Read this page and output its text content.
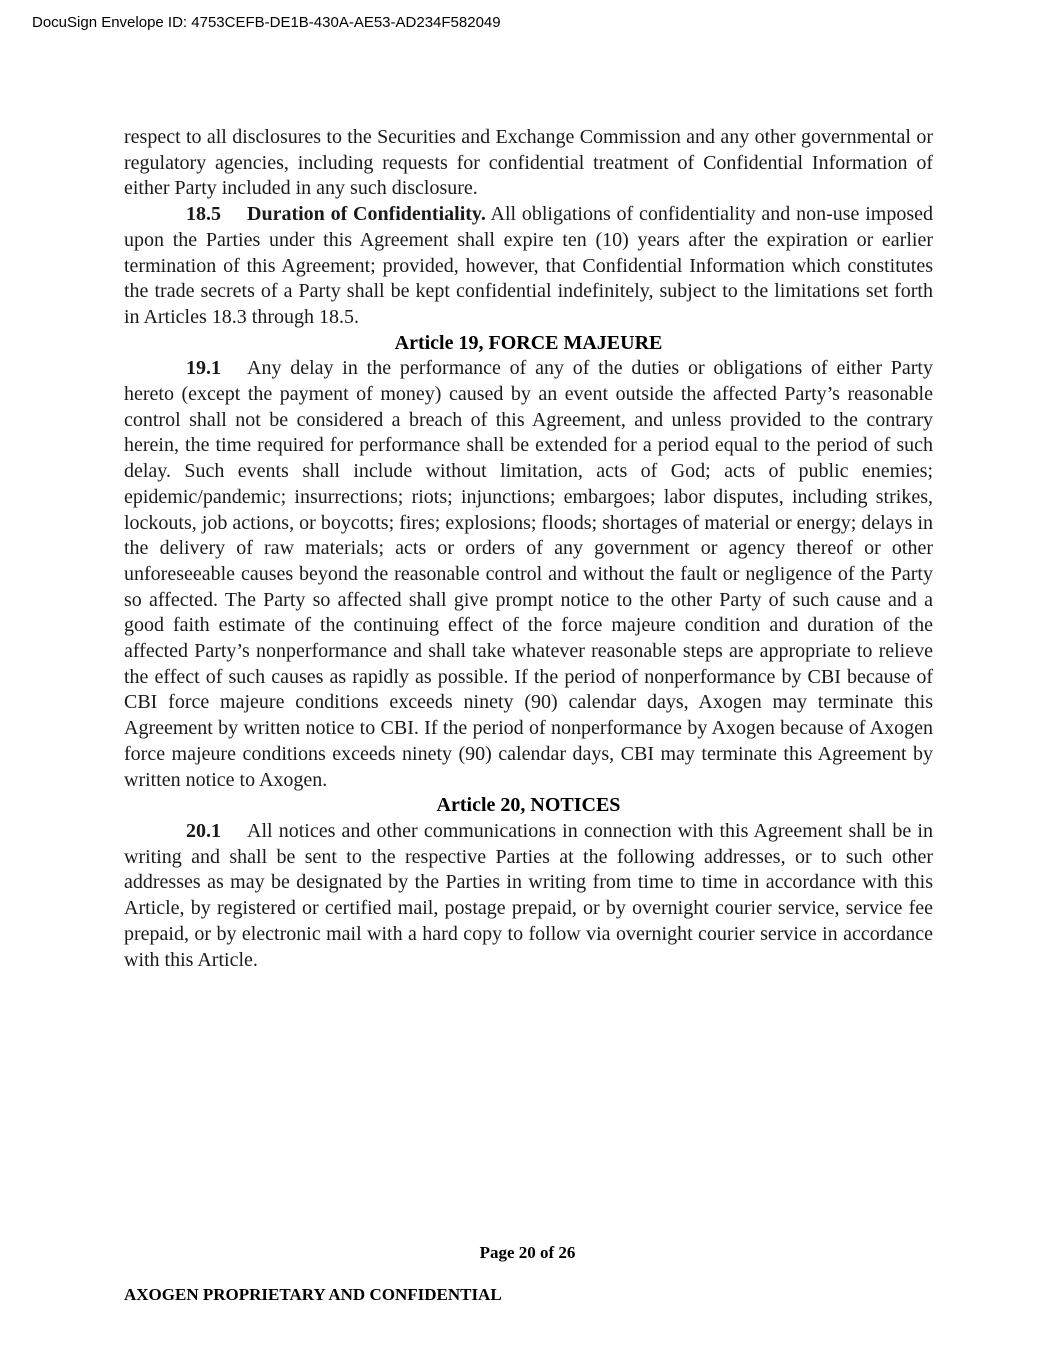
DocuSign Envelope ID: 4753CEFB-DE1B-430A-AE53-AD234F582049

respect to all disclosures to the Securities and Exchange Commission and any other governmental or regulatory agencies, including requests for confidential treatment of Confidential Information of either Party included in any such disclosure.

18.5 Duration of Confidentiality. All obligations of confidentiality and non-use imposed upon the Parties under this Agreement shall expire ten (10) years after the expiration or earlier termination of this Agreement; provided, however, that Confidential Information which constitutes the trade secrets of a Party shall be kept confidential indefinitely, subject to the limitations set forth in Articles 18.3 through 18.5.

Article 19, FORCE MAJEURE

19.1 Any delay in the performance of any of the duties or obligations of either Party hereto (except the payment of money) caused by an event outside the affected Party’s reasonable control shall not be considered a breach of this Agreement, and unless provided to the contrary herein, the time required for performance shall be extended for a period equal to the period of such delay. Such events shall include without limitation, acts of God; acts of public enemies; epidemic/pandemic; insurrections; riots; injunctions; embargoes; labor disputes, including strikes, lockouts, job actions, or boycotts; fires; explosions; floods; shortages of material or energy; delays in the delivery of raw materials; acts or orders of any government or agency thereof or other unforeseeable causes beyond the reasonable control and without the fault or negligence of the Party so affected. The Party so affected shall give prompt notice to the other Party of such cause and a good faith estimate of the continuing effect of the force majeure condition and duration of the affected Party’s nonperformance and shall take whatever reasonable steps are appropriate to relieve the effect of such causes as rapidly as possible. If the period of nonperformance by CBI because of CBI force majeure conditions exceeds ninety (90) calendar days, Axogen may terminate this Agreement by written notice to CBI. If the period of nonperformance by Axogen because of Axogen force majeure conditions exceeds ninety (90) calendar days, CBI may terminate this Agreement by written notice to Axogen.

Article 20, NOTICES

20.1 All notices and other communications in connection with this Agreement shall be in writing and shall be sent to the respective Parties at the following addresses, or to such other addresses as may be designated by the Parties in writing from time to time in accordance with this Article, by registered or certified mail, postage prepaid, or by overnight courier service, service fee prepaid, or by electronic mail with a hard copy to follow via overnight courier service in accordance with this Article.

Page 20 of 26
AXOGEN PROPRIETARY AND CONFIDENTIAL
